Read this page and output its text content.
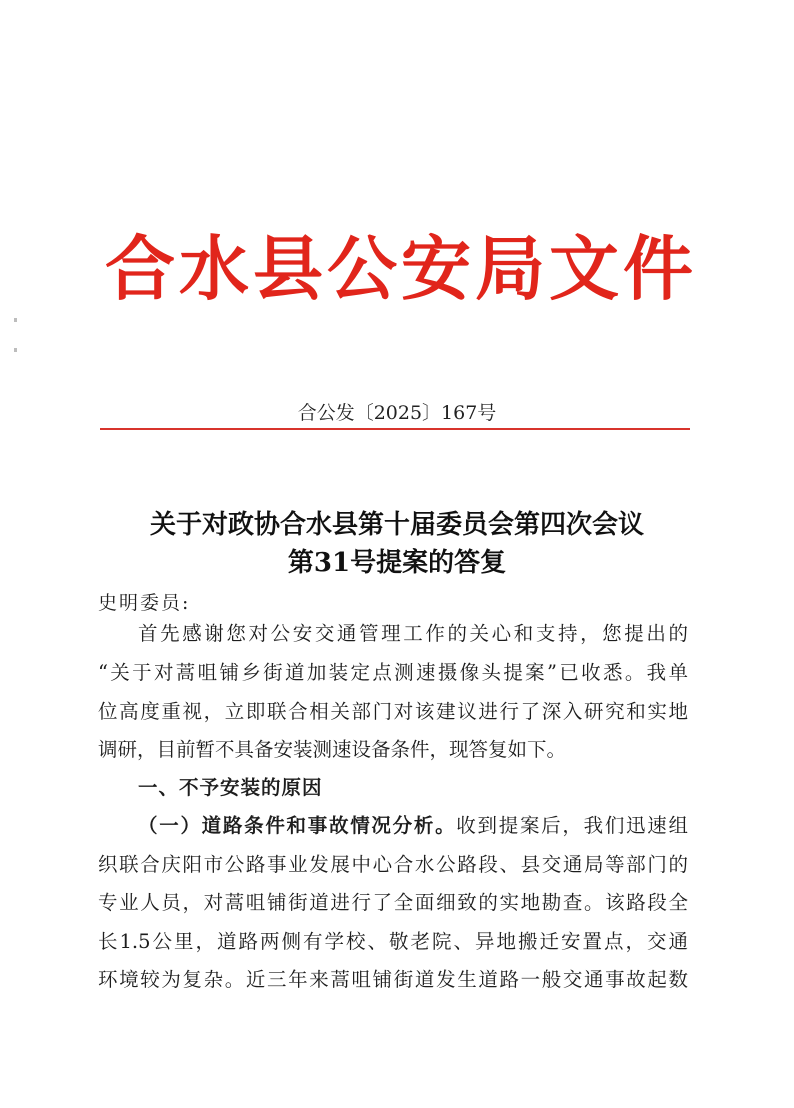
合水县公安局文件
合公发〔2025〕167号
关于对政协合水县第十届委员会第四次会议
第31号提案的答复
史明委员:
首先感谢您对公安交通管理工作的关心和支持，您提出的
“关于对蒿咀铺乡街道加装定点测速摄像头提案”已收悉。我单
位高度重视，立即联合相关部门对该建议进行了深入研究和实地
调研，目前暂不具备安装测速设备条件，现答复如下。
一、不予安装的原因
（一）道路条件和事故情况分析。收到提案后，我们迅速组
织联合庆阳市公路事业发展中心合水公路段、县交通局等部门的
专业人员，对蒿咀铺街道进行了全面细致的实地勘查。该路段全
长1.5公里，道路两侧有学校、敬老院、异地搬迁安置点，交通
环境较为复杂。近三年来蒿咀铺街道发生道路一般交通事故起数
